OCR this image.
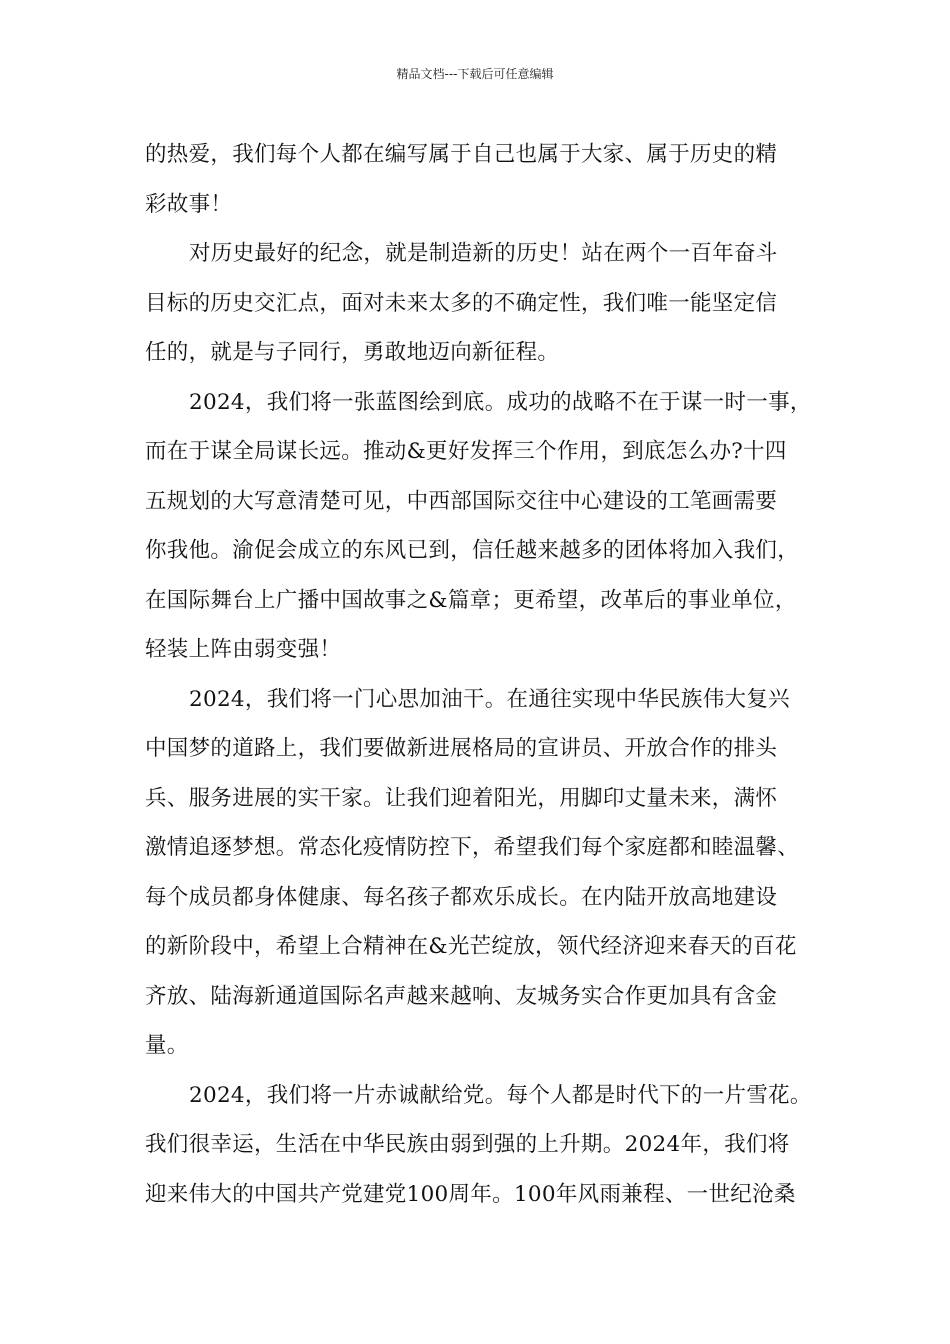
精品文档---下载后可任意编辑
的热爱，我们每个人都在编写属于自己也属于大家、属于历史的精
彩故事！
对历史最好的纪念，就是制造新的历史！站在两个一百年奋斗
目标的历史交汇点，面对未来太多的不确定性，我们唯一能坚定信
任的，就是与子同行，勇敢地迈向新征程。
2024，我们将一张蓝图绘到底。成功的战略不在于谋一时一事，
而在于谋全局谋长远。推动&更好发挥三个作用，到底怎么办?十四
五规划的大写意清楚可见，中西部国际交往中心建设的工笔画需要
你我他。渝促会成立的东风已到，信任越来越多的团体将加入我们，
在国际舞台上广播中国故事之&篇章；更希望，改革后的事业单位，
轻装上阵由弱变强！
2024，我们将一门心思加油干。在通往实现中华民族伟大复兴
中国梦的道路上，我们要做新进展格局的宣讲员、开放合作的排头
兵、服务进展的实干家。让我们迎着阳光，用脚印丈量未来，满怀
激情追逐梦想。常态化疫情防控下，希望我们每个家庭都和睦温馨、
每个成员都身体健康、每名孩子都欢乐成长。在内陆开放高地建设
的新阶段中，希望上合精神在&光芒绽放，领代经济迎来春天的百花
齐放、陆海新通道国际名声越来越响、友城务实合作更加具有含金
量。
2024，我们将一片赤诚献给党。每个人都是时代下的一片雪花。
我们很幸运，生活在中华民族由弱到强的上升期。2024年，我们将
迎来伟大的中国共产党建党100周年。100年风雨兼程、一世纪沧桑
